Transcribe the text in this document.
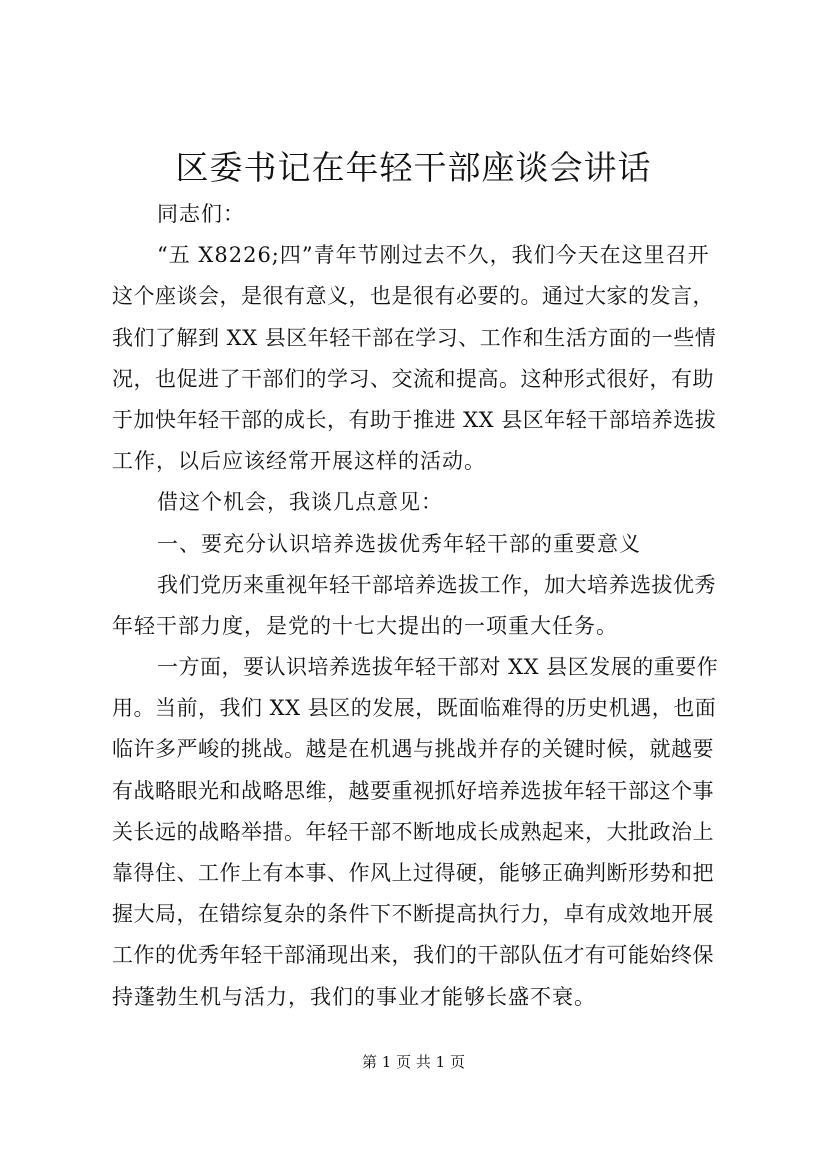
区委书记在年轻干部座谈会讲话
同志们：
“五 X8226;四”青年节刚过去不久，我们今天在这里召开
这个座谈会，是很有意义，也是很有必要的。通过大家的发言，
我们了解到 XX 县区年轻干部在学习、工作和生活方面的一些情
况，也促进了干部们的学习、交流和提高。这种形式很好，有助
于加快年轻干部的成长，有助于推进 XX 县区年轻干部培养选拔
工作，以后应该经常开展这样的活动。
借这个机会，我谈几点意见：
一、要充分认识培养选拔优秀年轻干部的重要意义
我们党历来重视年轻干部培养选拔工作，加大培养选拔优秀
年轻干部力度，是党的十七大提出的一项重大任务。
一方面，要认识培养选拔年轻干部对 XX 县区发展的重要作
用。当前，我们 XX 县区的发展，既面临难得的历史机遇，也面
临许多严峻的挑战。越是在机遇与挑战并存的关键时候，就越要
有战略眼光和战略思维，越要重视抓好培养选拔年轻干部这个事
关长远的战略举措。年轻干部不断地成长成熟起来，大批政治上
靠得住、工作上有本事、作风上过得硬，能够正确判断形势和把
握大局，在错综复杂的条件下不断提高执行力，卓有成效地开展
工作的优秀年轻干部涌现出来，我们的干部队伍才有可能始终保
持蓬勃生机与活力，我们的事业才能够长盛不衰。
第 1 页 共 1 页
